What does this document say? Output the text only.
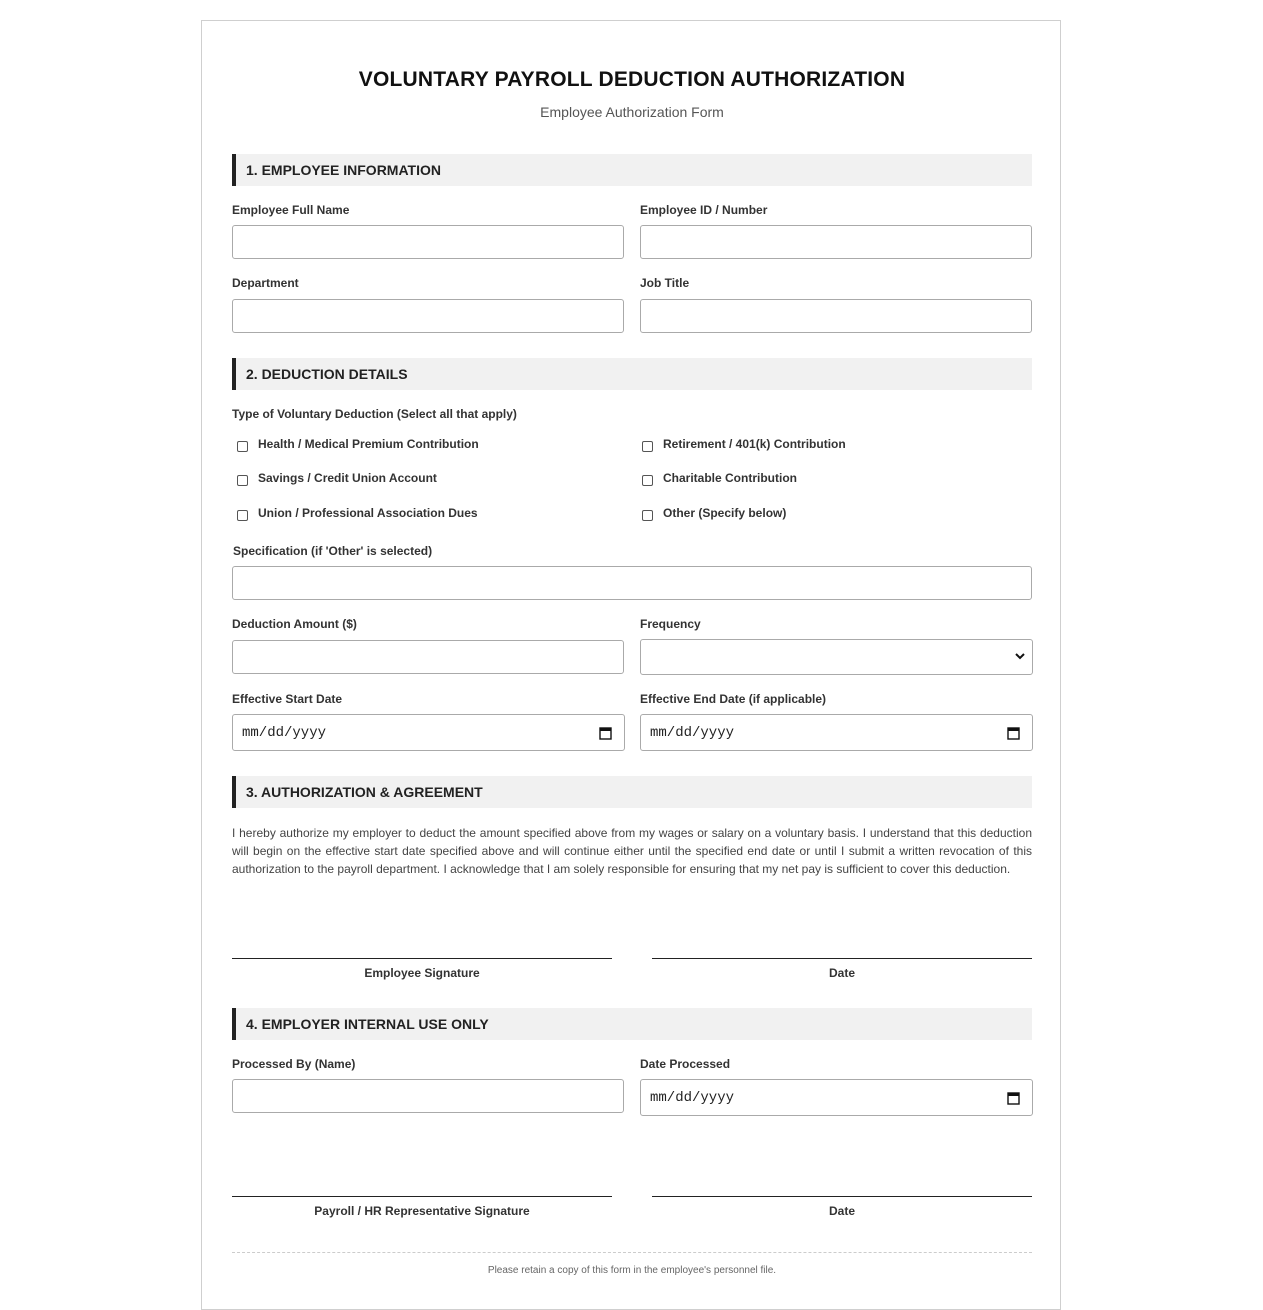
VOLUNTARY PAYROLL DEDUCTION AUTHORIZATION
Employee Authorization Form
1. EMPLOYEE INFORMATION
Employee Full Name	Employee ID / Number
Department	Job Title
2. DEDUCTION DETAILS
Type of Voluntary Deduction (Select all that apply)
Health / Medical Premium Contribution	Retirement / 401(k) Contribution
Savings / Credit Union Account	Charitable Contribution
Union / Professional Association Dues	Other (Specify below)
Specification (if 'Other' is selected)
Deduction Amount ($)	Frequency
Effective Start Date
mm/dd/yyyy
Effective End Date (if applicable)
mm/dd/yyyy
3. AUTHORIZATION & AGREEMENT
I hereby authorize my employer to deduct the amount specified above from my wages or salary on a voluntary basis. I understand that this deduction will begin on the effective start date specified above and will continue either until the specified end date or until I submit a written revocation of this authorization to the payroll department. I acknowledge that I am solely responsible for ensuring that my net pay is sufficient to cover this deduction.
Employee Signature	Date
4. EMPLOYER INTERNAL USE ONLY
Processed By (Name)	Date Processed
mm/dd/yyyy
Payroll / HR Representative Signature	Date
Please retain a copy of this form in the employee's personnel file.
